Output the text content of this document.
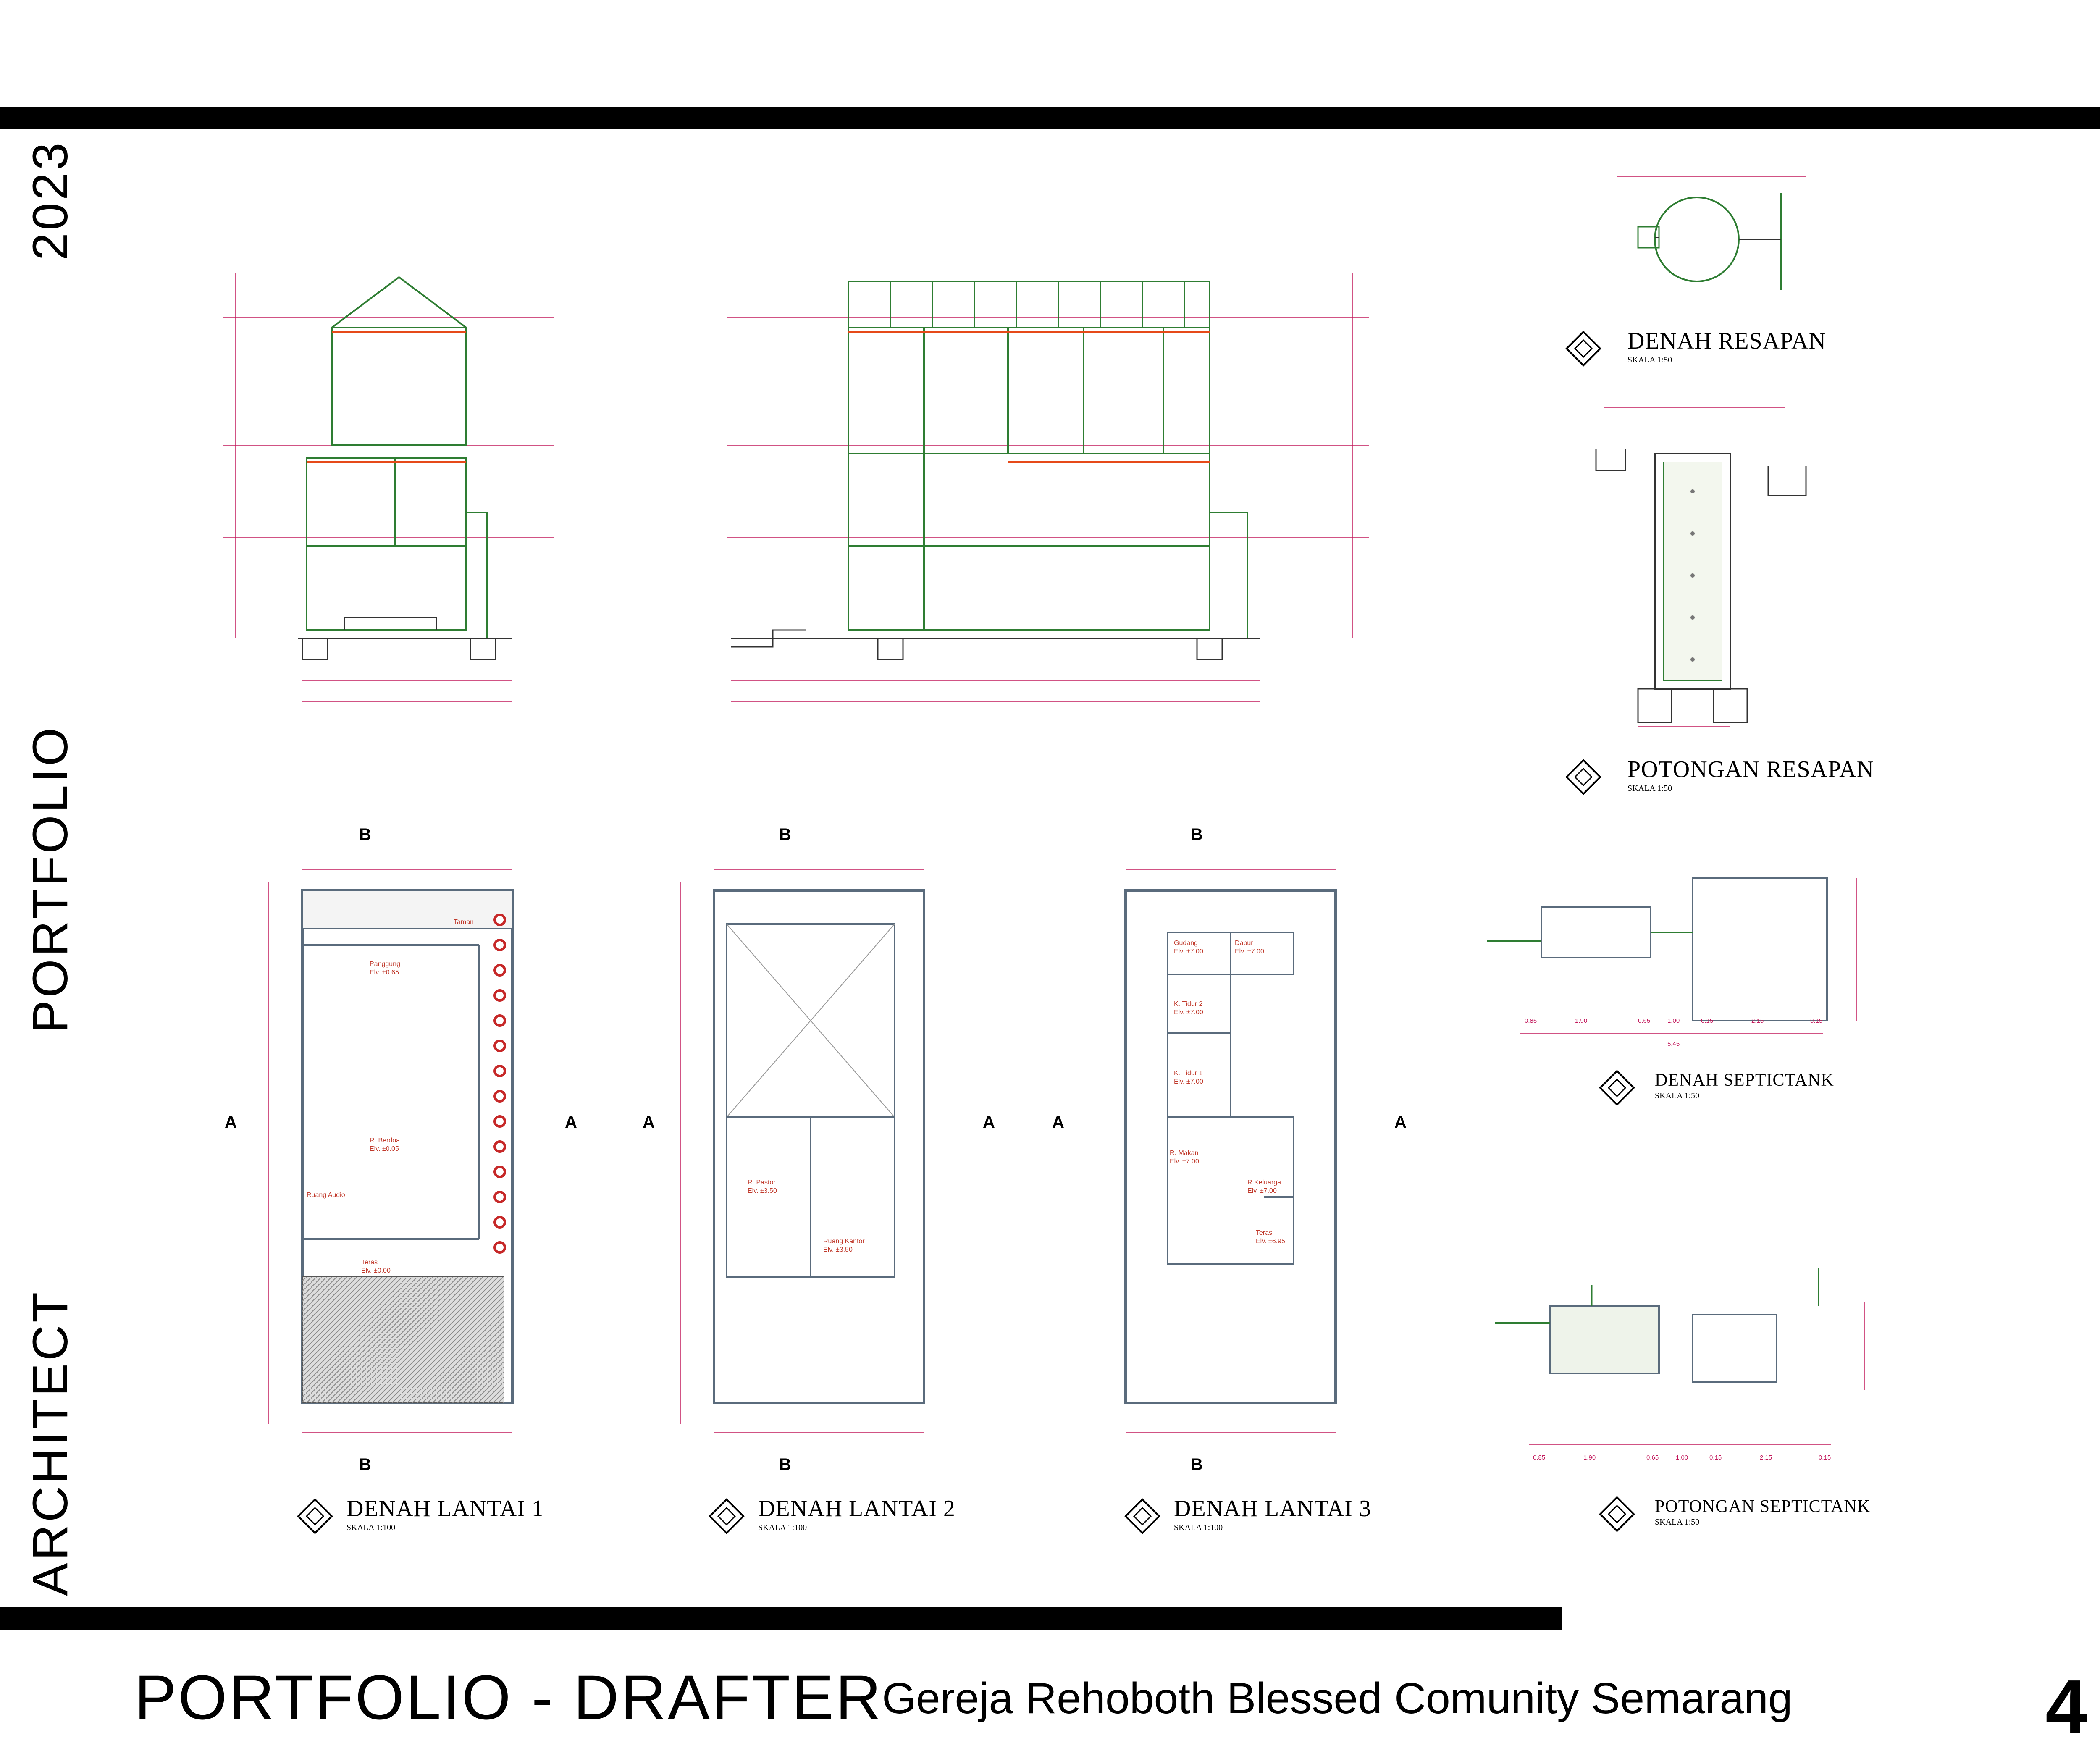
2023
PORTFOLIO
ARCHITECT
PORTFOLIO - DRAFTER
Gereja Rehoboth Blessed Comunity Semarang	4
DENAH RESAPAN
SKALA 1:50
POTONGAN RESAPAN
SKALA 1:50
0.85	1.90	0.65	1.00	0.15	2.15	0.15
5.45
DENAH SEPTICTANK
SKALA 1:50
0.85	1.90	0.65	1.00	0.15	2.15	0.15
POTONGAN SEPTICTANK
SKALA 1:50
Panggung
Elv. ±0.65
R. Berdoa
Elv. ±0.05
Teras
Elv. ±0.00
Ruang Audio
Taman
DENAH LANTAI 1
SKALA 1:100
R. Pastor
Elv. ±3.50
Ruang Kantor
Elv. ±3.50
DENAH LANTAI 2
SKALA 1:100
Gudang
Elv. ±7.00
Dapur
Elv. ±7.00
K. Tidur 2
Elv. ±7.00
K. Tidur 1
Elv. ±7.00
R. Makan
Elv. ±7.00
R.Keluarga
Elv. ±7.00
Teras
Elv. ±6.95
DENAH LANTAI 3
SKALA 1:100
B	B	B
A	A	A	A	A	A
B	B	B
